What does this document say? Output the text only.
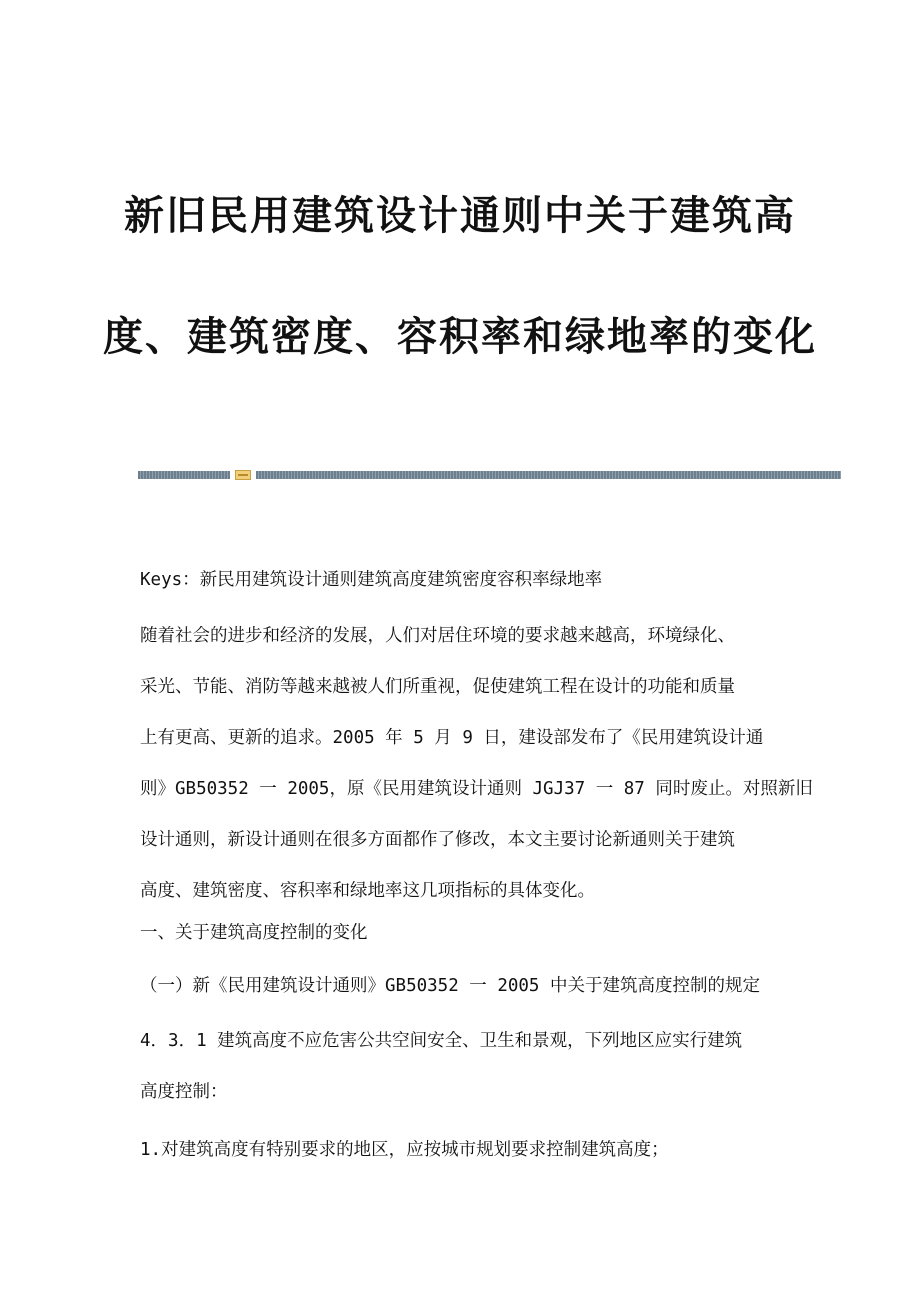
新旧民用建筑设计通则中关于建筑高
度、建筑密度、容积率和绿地率的变化

Keys：新民用建筑设计通则建筑高度建筑密度容积率绿地率

随着社会的进步和经济的发展，人们对居住环境的要求越来越高，环境绿化、
采光、节能、消防等越来越被人们所重视，促使建筑工程在设计的功能和质量
上有更高、更新的追求。2005 年 5 月 9 日，建设部发布了《民用建筑设计通
则》GB50352 一 2005，原《民用建筑设计通则 JGJ37 一 87 同时废止。对照新旧
设计通则，新设计通则在很多方面都作了修改，本文主要讨论新通则关于建筑
高度、建筑密度、容积率和绿地率这几项指标的具体变化。

一、关于建筑高度控制的变化

（一）新《民用建筑设计通则》GB50352 一 2005 中关于建筑高度控制的规定

4．3．1 建筑高度不应危害公共空间安全、卫生和景观，下列地区应实行建筑
高度控制：

1.对建筑高度有特别要求的地区，应按城市规划要求控制建筑高度；
